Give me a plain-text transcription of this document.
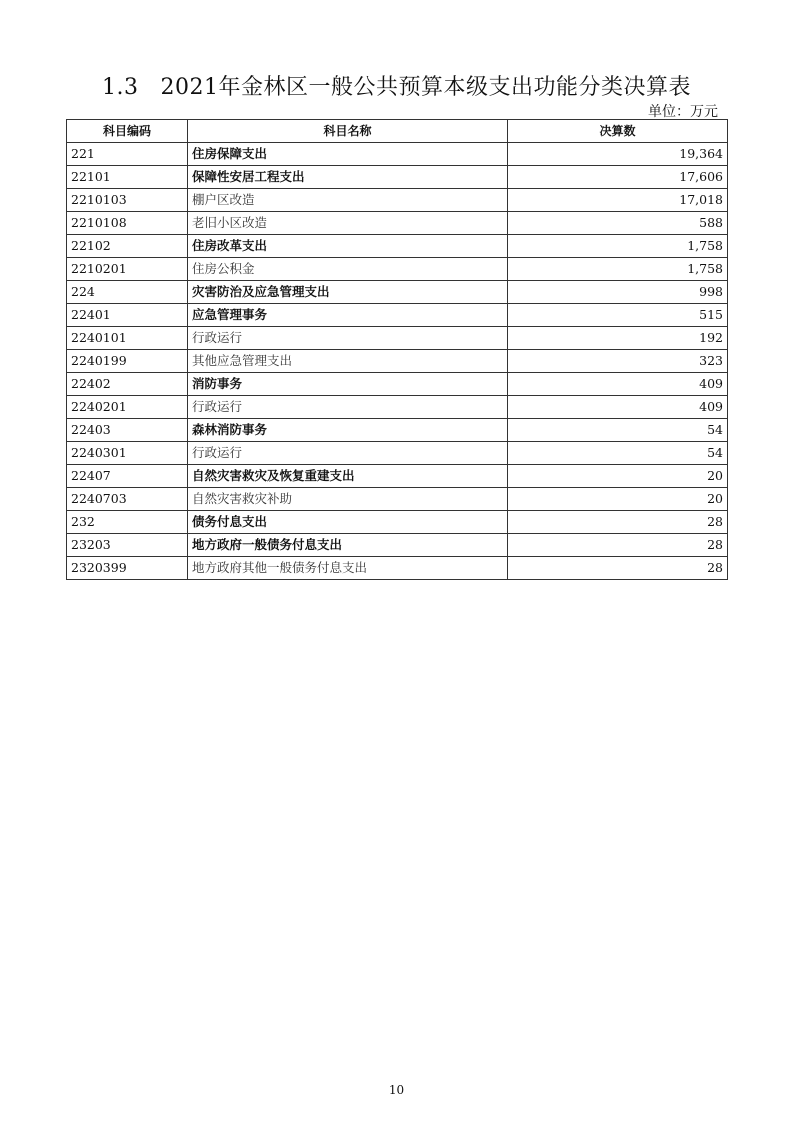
1.3 2021年金林区一般公共预算本级支出功能分类决算表
单位：万元
科目编码	科目名称	决算数
221	住房保障支出	19,364
22101	保障性安居工程支出	17,606
2210103	棚户区改造	17,018
2210108	老旧小区改造	588
22102	住房改革支出	1,758
2210201	住房公积金	1,758
224	灾害防治及应急管理支出	998
22401	应急管理事务	515
2240101	行政运行	192
2240199	其他应急管理支出	323
22402	消防事务	409
2240201	行政运行	409
22403	森林消防事务	54
2240301	行政运行	54
22407	自然灾害救灾及恢复重建支出	20
2240703	自然灾害救灾补助	20
232	债务付息支出	28
23203	地方政府一般债务付息支出	28
2320399	地方政府其他一般债务付息支出	28
10
